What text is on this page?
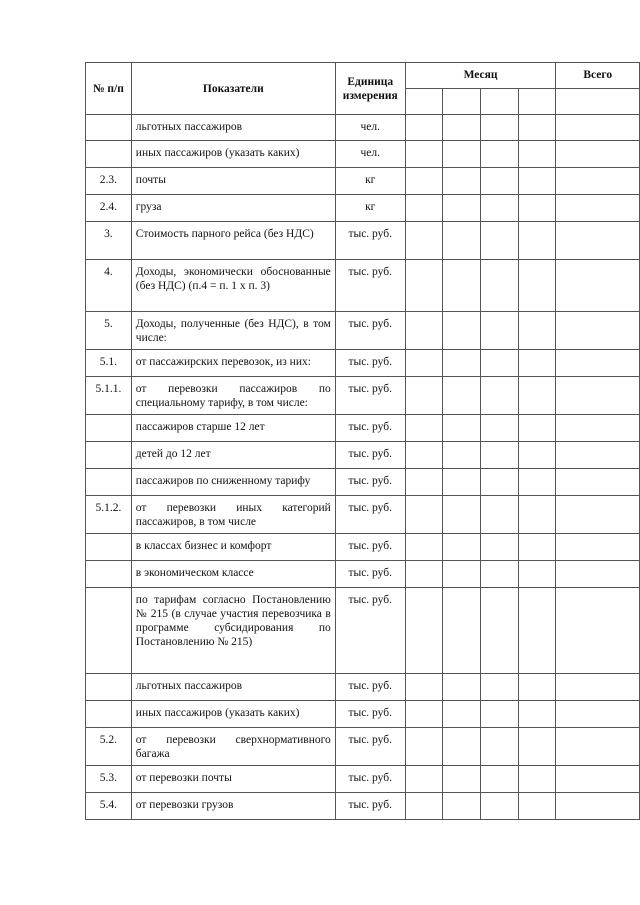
№ п/п	Показатели	Единица измерения	Месяц				Всего

	льготных пассажиров	чел.					
	иных пассажиров (указать каких)	чел.					
2.3.	почты	кг					
2.4.	груза	кг					
3.	Стоимость парного рейса (без НДС)	тыс. руб.					
4.	Доходы, экономически обоснованные (без НДС) (п.4 = п. 1 х п. 3)	тыс. руб.					
5.	Доходы, полученные (без НДС), в том числе:	тыс. руб.					
5.1.	от пассажирских перевозок, из них:	тыс. руб.					
5.1.1.	от перевозки пассажиров по специальному тарифу, в том числе:	тыс. руб.					
	пассажиров старше 12 лет	тыс. руб.					
	детей до 12 лет	тыс. руб.					
	пассажиров по сниженному тарифу	тыс. руб.					
5.1.2.	от перевозки иных категорий пассажиров, в том числе	тыс. руб.					
	в классах бизнес и комфорт	тыс. руб.					
	в экономическом классе	тыс. руб.					
	по тарифам согласно Постановлению № 215 (в случае участия перевозчика в программе субсидирования по Постановлению № 215)	тыс. руб.					
	льготных пассажиров	тыс. руб.					
	иных пассажиров (указать каких)	тыс. руб.					
5.2.	от перевозки сверхнормативного багажа	тыс. руб.					
5.3.	от перевозки почты	тыс. руб.					
5.4.	от перевозки грузов	тыс. руб.					
